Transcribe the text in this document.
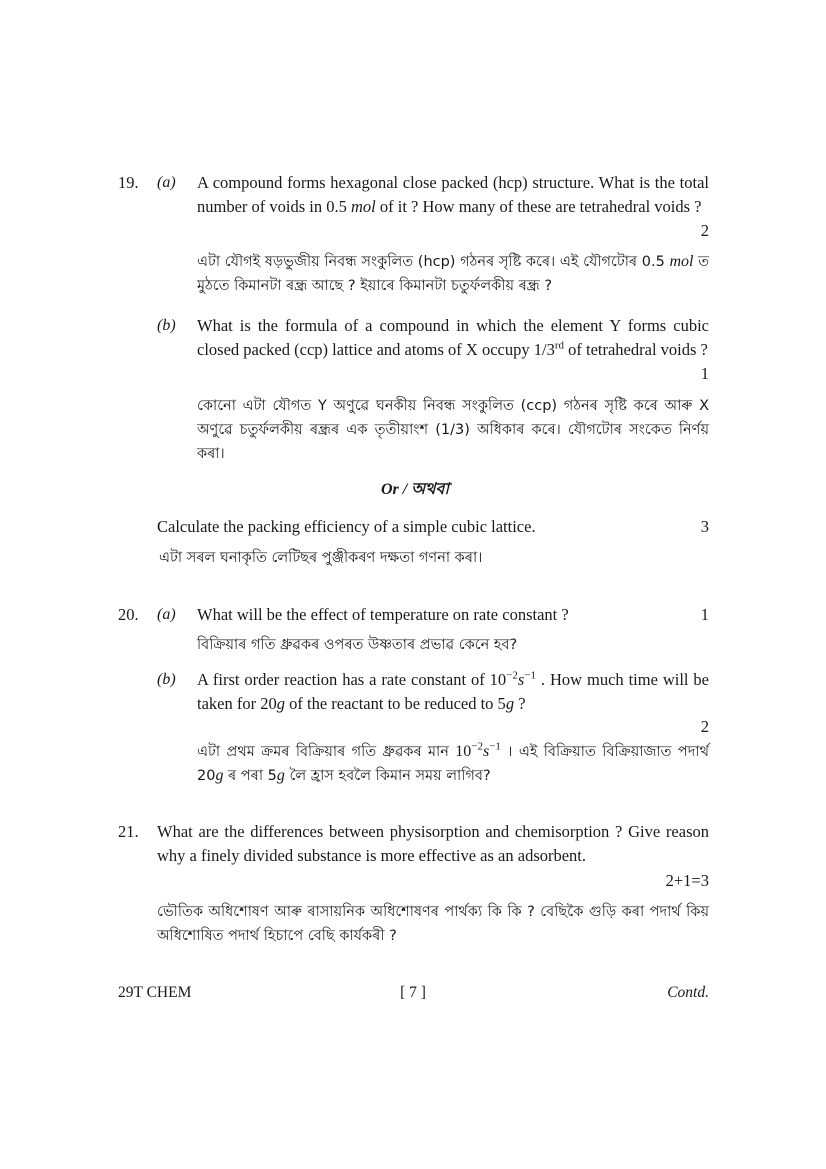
19. (a) A compound forms hexagonal close packed (hcp) structure. What is the total number of voids in 0.5 mol of it ? How many of these are tetrahedral voids ?
2
এটা যৌগই ষড়ভুজীয় নিবন্ধ সংকুলিত (hcp) গঠনৰ সৃষ্টি কৰে। এই যৌগটোৰ 0.5 mol ত মুঠতে কিমানটা ৰন্ধ্ৰ আছে ? ইয়াৰে কিমানটা চতুৰ্ফলকীয় ৰন্ধ্ৰ ?
(b) What is the formula of a compound in which the element Y forms cubic closed packed (ccp) lattice and atoms of X occupy 1/3rd of tetrahedral voids ?
1
কোনো এটা যৌগত Y অণুৱে ঘনকীয় নিবন্ধ সংকুলিত (ccp) গঠনৰ সৃষ্টি কৰে আৰু X অণুৱে চতুৰ্ফলকীয় ৰন্ধ্ৰৰ এক তৃতীয়াংশ (1/3) অধিকাৰ কৰে। যৌগটোৰ সংকেত নিৰ্ণয় কৰা।
Or / অথবা
Calculate the packing efficiency of a simple cubic lattice.	3
এটা সৰল ঘনাকৃতি লেটিছৰ পুঞ্জীকৰণ দক্ষতা গণনা কৰা।
20. (a) What will be the effect of temperature on rate constant ?	1
বিক্ৰিয়াৰ গতি ধ্ৰুৱকৰ ওপৰত উষ্ণতাৰ প্ৰভাৱ কেনে হব?
(b) A first order reaction has a rate constant of $10^{-2}s^{-1}$ . How much time will be taken for 20g of the reactant to be reduced to 5g ?
2
এটা প্ৰথম ক্ৰমৰ বিক্ৰিয়াৰ গতি ধ্ৰুৱকৰ মান $10^{-2}s^{-1}$ । এই বিক্ৰিয়াত বিক্ৰিয়াজাত পদাৰ্থ 20g ৰ পৰা 5g লৈ হ্ৰাস হবলৈ কিমান সময় লাগিব?
21. What are the differences between physisorption and chemisorption ? Give reason why a finely divided substance is more effective as an adsorbent.
2+1=3
ভৌতিক অধিশোষণ আৰু ৰাসায়নিক অধিশোষণৰ পাৰ্থক্য কি কি ? বেছিকৈ গুড়ি কৰা পদাৰ্থ কিয় অধিশোষিত পদাৰ্থ হিচাপে বেছি কাৰ্যকৰী ?
29T CHEM	[ 7 ]	Contd.
